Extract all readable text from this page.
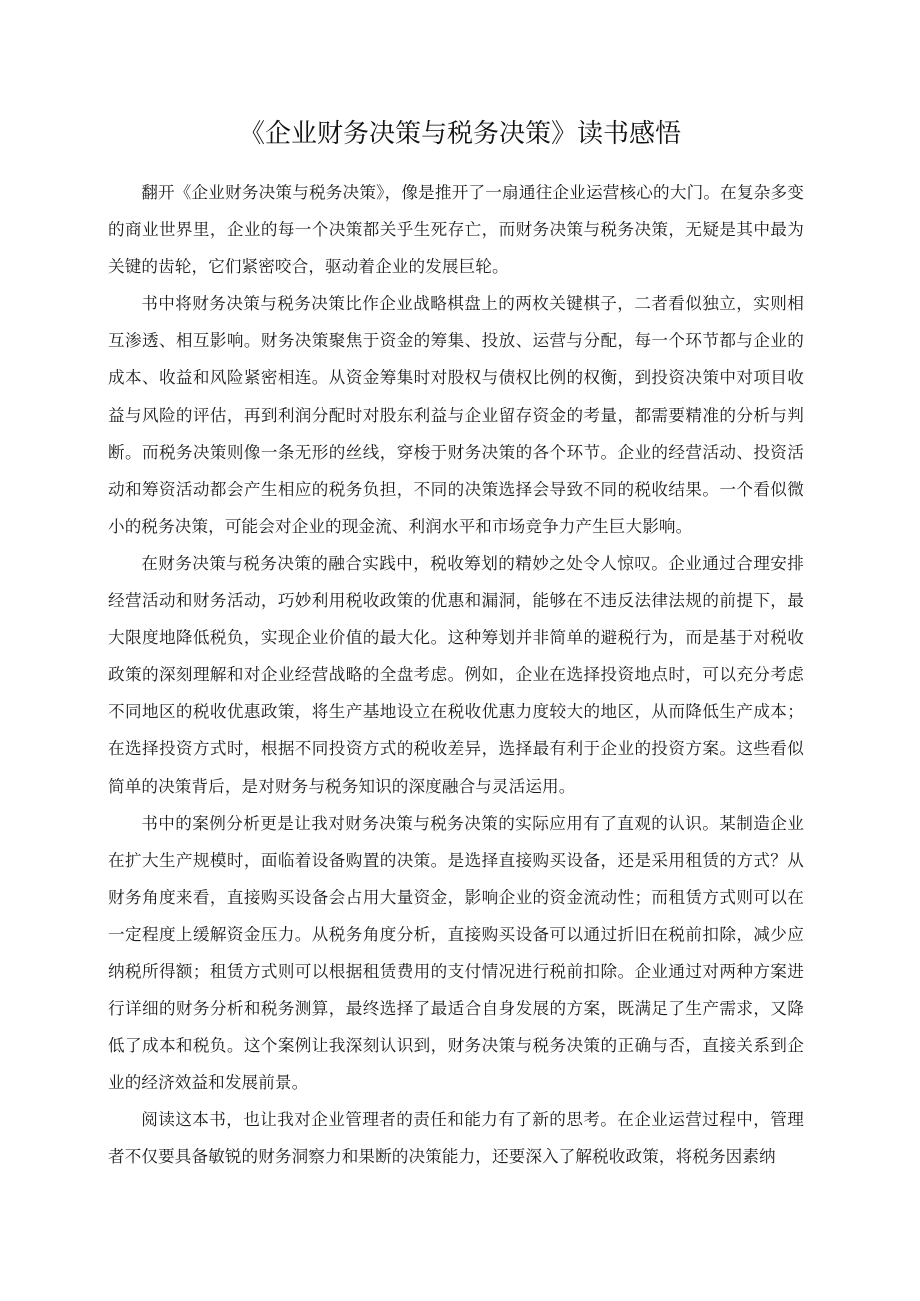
《企业财务决策与税务决策》读书感悟

翻开《企业财务决策与税务决策》，像是推开了一扇通往企业运营核心的大门。在复杂多变的商业世界里，企业的每一个决策都关乎生死存亡，而财务决策与税务决策，无疑是其中最为关键的齿轮，它们紧密咬合，驱动着企业的发展巨轮。

书中将财务决策与税务决策比作企业战略棋盘上的两枚关键棋子，二者看似独立，实则相互渗透、相互影响。财务决策聚焦于资金的筹集、投放、运营与分配，每一个环节都与企业的成本、收益和风险紧密相连。从资金筹集时对股权与债权比例的权衡，到投资决策中对项目收益与风险的评估，再到利润分配时对股东利益与企业留存资金的考量，都需要精准的分析与判断。而税务决策则像一条无形的丝线，穿梭于财务决策的各个环节。企业的经营活动、投资活动和筹资活动都会产生相应的税务负担，不同的决策选择会导致不同的税收结果。一个看似微小的税务决策，可能会对企业的现金流、利润水平和市场竞争力产生巨大影响。

在财务决策与税务决策的融合实践中，税收筹划的精妙之处令人惊叹。企业通过合理安排经营活动和财务活动，巧妙利用税收政策的优惠和漏洞，能够在不违反法律法规的前提下，最大限度地降低税负，实现企业价值的最大化。这种筹划并非简单的避税行为，而是基于对税收政策的深刻理解和对企业经营战略的全盘考虑。例如，企业在选择投资地点时，可以充分考虑不同地区的税收优惠政策，将生产基地设立在税收优惠力度较大的地区，从而降低生产成本；在选择投资方式时，根据不同投资方式的税收差异，选择最有利于企业的投资方案。这些看似简单的决策背后，是对财务与税务知识的深度融合与灵活运用。

书中的案例分析更是让我对财务决策与税务决策的实际应用有了直观的认识。某制造企业在扩大生产规模时，面临着设备购置的决策。是选择直接购买设备，还是采用租赁的方式？从财务角度来看，直接购买设备会占用大量资金，影响企业的资金流动性；而租赁方式则可以在一定程度上缓解资金压力。从税务角度分析，直接购买设备可以通过折旧在税前扣除，减少应纳税所得额；租赁方式则可以根据租赁费用的支付情况进行税前扣除。企业通过对两种方案进行详细的财务分析和税务测算，最终选择了最适合自身发展的方案，既满足了生产需求，又降低了成本和税负。这个案例让我深刻认识到，财务决策与税务决策的正确与否，直接关系到企业的经济效益和发展前景。

阅读这本书，也让我对企业管理者的责任和能力有了新的思考。在企业运营过程中，管理者不仅要具备敏锐的财务洞察力和果断的决策能力，还要深入了解税收政策，将税务因素纳
